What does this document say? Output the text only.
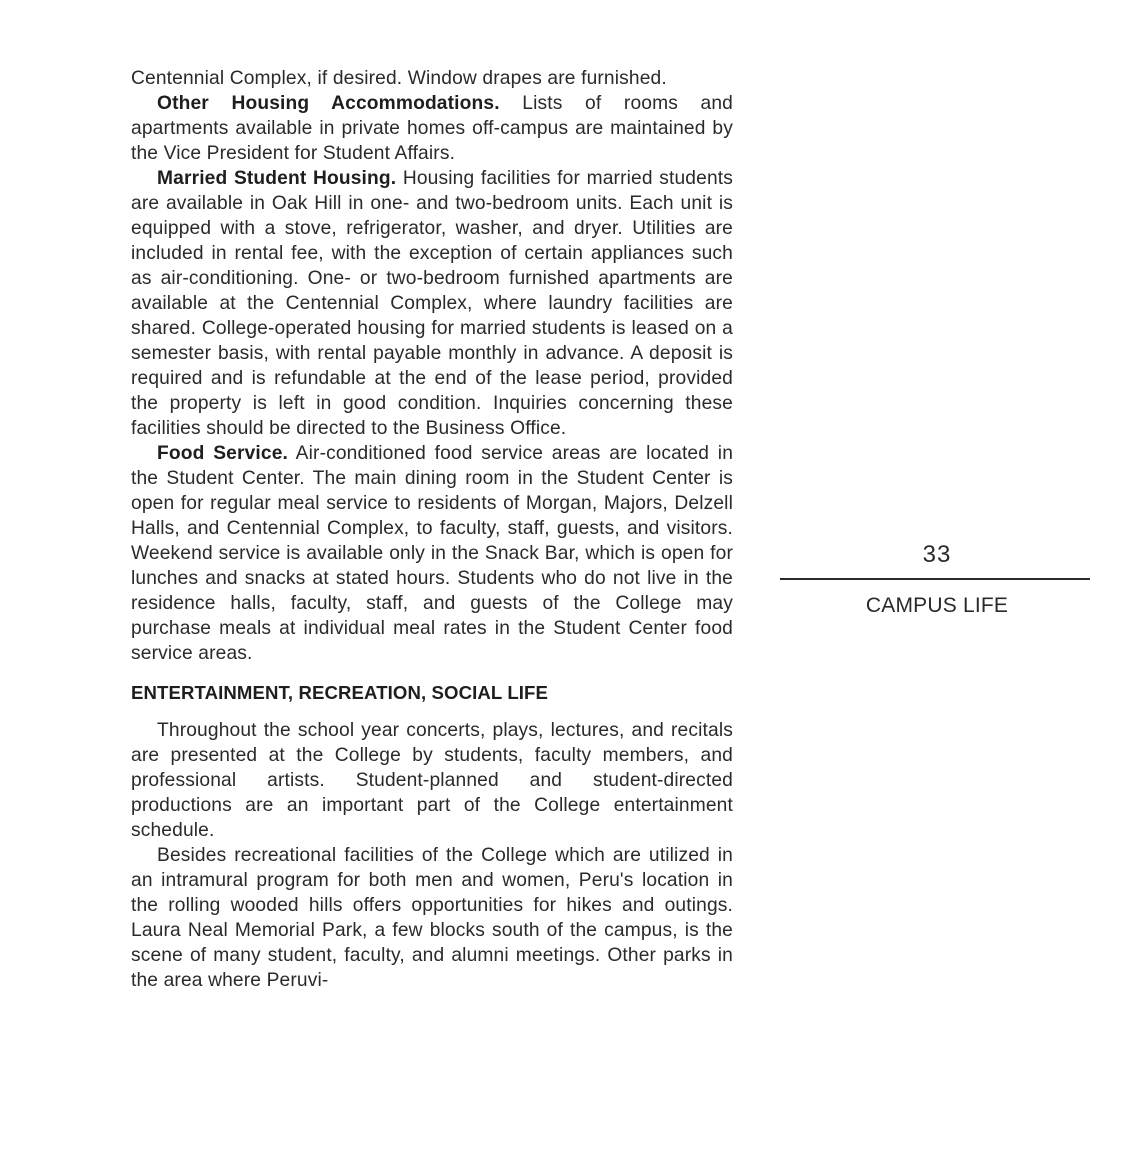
Centennial Complex, if desired. Window drapes are furnished.

Other Housing Accommodations. Lists of rooms and apartments available in private homes off-campus are maintained by the Vice President for Student Affairs.

Married Student Housing. Housing facilities for married students are available in Oak Hill in one- and two-bedroom units. Each unit is equipped with a stove, refrigerator, washer, and dryer. Utilities are included in rental fee, with the exception of certain appliances such as air-conditioning. One- or two-bedroom furnished apartments are available at the Centennial Complex, where laundry facilities are shared. College-operated housing for married students is leased on a semester basis, with rental payable monthly in advance. A deposit is required and is refundable at the end of the lease period, provided the property is left in good condition. Inquiries concerning these facilities should be directed to the Business Office.

Food Service. Air-conditioned food service areas are located in the Student Center. The main dining room in the Student Center is open for regular meal service to residents of Morgan, Majors, Delzell Halls, and Centennial Complex, to faculty, staff, guests, and visitors. Weekend service is available only in the Snack Bar, which is open for lunches and snacks at stated hours. Students who do not live in the residence halls, faculty, staff, and guests of the College may purchase meals at individual meal rates in the Student Center food service areas.

ENTERTAINMENT, RECREATION, SOCIAL LIFE

Throughout the school year concerts, plays, lectures, and recitals are presented at the College by students, faculty members, and professional artists. Student-planned and student-directed productions are an important part of the College entertainment schedule.

Besides recreational facilities of the College which are utilized in an intramural program for both men and women, Peru's location in the rolling wooded hills offers opportunities for hikes and outings. Laura Neal Memorial Park, a few blocks south of the campus, is the scene of many student, faculty, and alumni meetings. Other parks in the area where Peruvi-

33
CAMPUS LIFE
